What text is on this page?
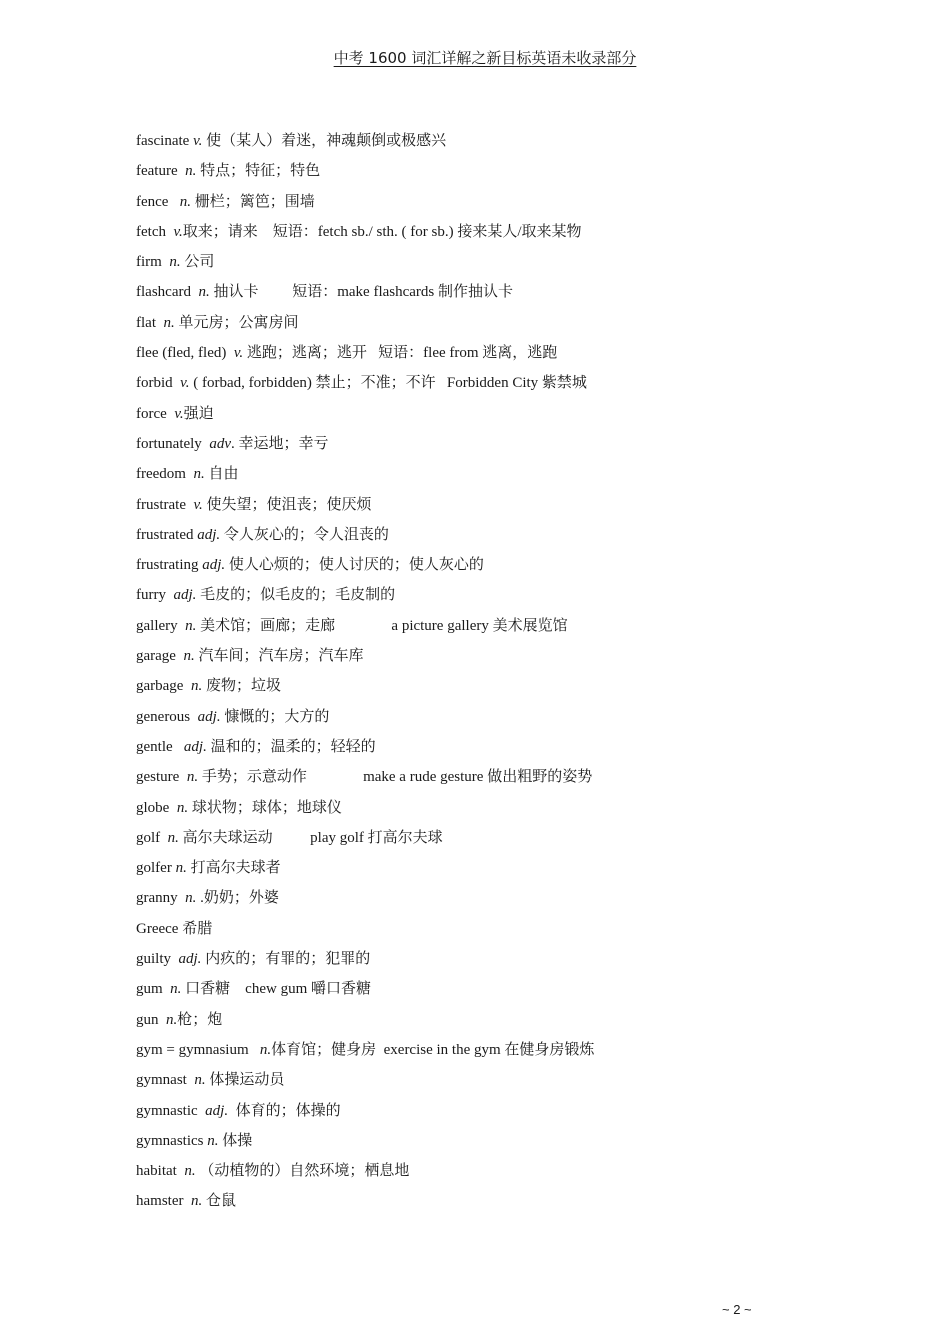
中考 1600 词汇详解之新目标英语未收录部分
fascinate v. 使（某人）着迷，神魂颠倒或极感兴
feature  n. 特点；特征；特色
fence   n. 栅栏；篱笆；围墙
fetch  v.取来；请来    短语：fetch sb./ sth. ( for sb.) 接来某人/取来某物
firm  n. 公司
flashcard  n. 抽认卡         短语：make flashcards 制作抽认卡
flat  n. 单元房；公寓房间
flee (fled, fled)  v. 逃跑；逃离；逃开   短语：flee from 逃离，逃跑
forbid  v. ( forbad, forbidden) 禁止；不准；不许   Forbidden City 紫禁城
force  v.强迫
fortunately  adv. 幸运地；幸亏
freedom  n. 自由
frustrate  v. 使失望；使沮丧；使厌烦
frustrated adj. 令人灰心的；令人沮丧的
frustrating adj. 使人心烦的；使人讨厌的；使人灰心的
furry  adj. 毛皮的；似毛皮的；毛皮制的
gallery  n. 美术馆；画廊；走廊               a picture gallery 美术展览馆
garage  n. 汽车间；汽车房；汽车库
garbage  n. 废物；垃圾
generous  adj. 慷慨的；大方的
gentle   adj. 温和的；温柔的；轻轻的
gesture  n. 手势；示意动作               make a rude gesture 做出粗野的姿势
globe  n. 球状物；球体；地球仪
golf  n. 高尔夫球运动          play golf 打高尔夫球
golfer n. 打高尔夫球者
granny  n. .奶奶；外婆
Greece 希腊
guilty  adj. 内疚的；有罪的；犯罪的
gum  n. 口香糖    chew gum 嚼口香糖
gun  n.枪；炮
gym = gymnasium   n.体育馆；健身房  exercise in the gym 在健身房锻炼
gymnast  n. 体操运动员
gymnastic  adj.  体育的；体操的
gymnastics n. 体操
habitat  n. （动植物的）自然环境；栖息地
hamster  n. 仓鼠
~ 2 ~
